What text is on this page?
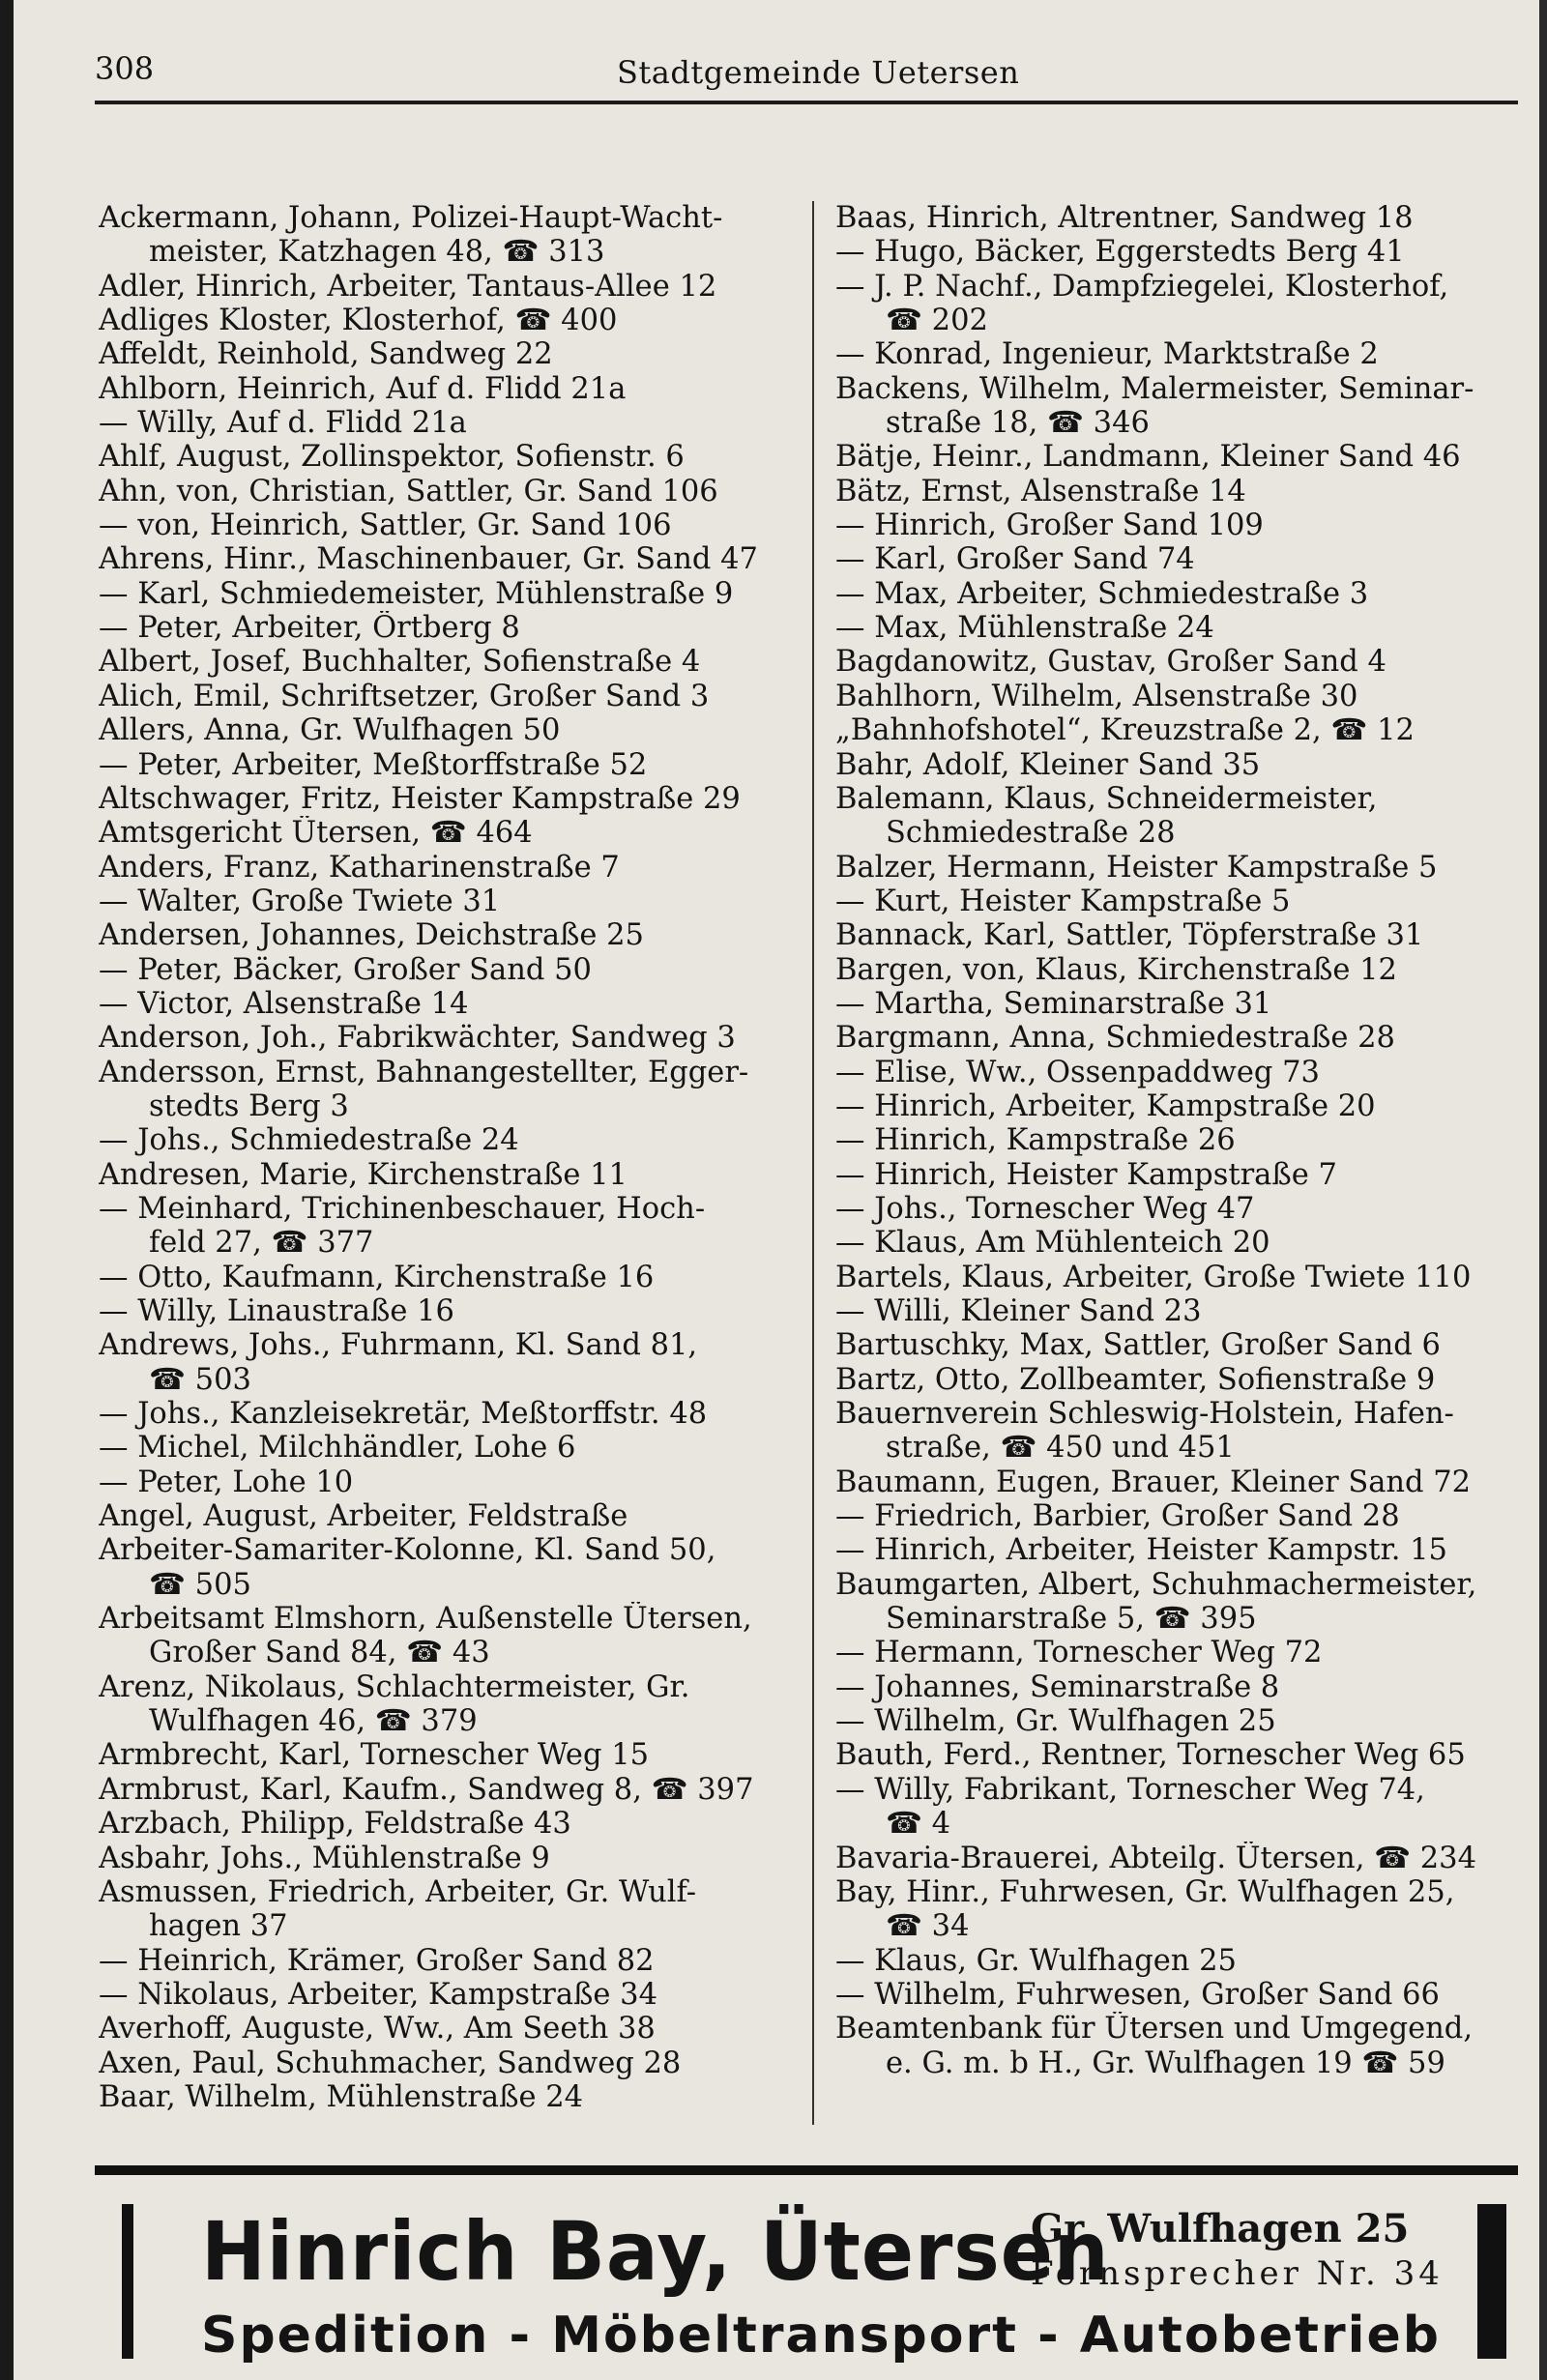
308	Stadtgemeinde Uetersen
Ackermann, Johann, Polizei-Haupt-Wacht-
meister, Katzhagen 48, ☎ 313
Adler, Hinrich, Arbeiter, Tantaus-Allee 12
Adliges Kloster, Klosterhof, ☎ 400
Affeldt, Reinhold, Sandweg 22
Ahlborn, Heinrich, Auf d. Flidd 21a
— Willy, Auf d. Flidd 21a
Ahlf, August, Zollinspektor, Sofienstr. 6
Ahn, von, Christian, Sattler, Gr. Sand 106
— von, Heinrich, Sattler, Gr. Sand 106
Ahrens, Hinr., Maschinenbauer, Gr. Sand 47
— Karl, Schmiedemeister, Mühlenstraße 9
— Peter, Arbeiter, Örtberg 8
Albert, Josef, Buchhalter, Sofienstraße 4
Alich, Emil, Schriftsetzer, Großer Sand 3
Allers, Anna, Gr. Wulfhagen 50
— Peter, Arbeiter, Meßtorffstraße 52
Altschwager, Fritz, Heister Kampstraße 29
Amtsgericht Ütersen, ☎ 464
Anders, Franz, Katharinenstraße 7
— Walter, Große Twiete 31
Andersen, Johannes, Deichstraße 25
— Peter, Bäcker, Großer Sand 50
— Victor, Alsenstraße 14
Anderson, Joh., Fabrikwächter, Sandweg 3
Andersson, Ernst, Bahnangestellter, Egger-
stedts Berg 3
— Johs., Schmiedestraße 24
Andresen, Marie, Kirchenstraße 11
— Meinhard, Trichinenbeschauer, Hoch-
feld 27, ☎ 377
— Otto, Kaufmann, Kirchenstraße 16
— Willy, Linaustraße 16
Andrews, Johs., Fuhrmann, Kl. Sand 81,
☎ 503
— Johs., Kanzleisekretär, Meßtorffstr. 48
— Michel, Milchhändler, Lohe 6
— Peter, Lohe 10
Angel, August, Arbeiter, Feldstraße
Arbeiter-Samariter-Kolonne, Kl. Sand 50,
☎ 505
Arbeitsamt Elmshorn, Außenstelle Ütersen,
Großer Sand 84, ☎ 43
Arenz, Nikolaus, Schlachtermeister, Gr.
Wulfhagen 46, ☎ 379
Armbrecht, Karl, Tornescher Weg 15
Armbrust, Karl, Kaufm., Sandweg 8, ☎ 397
Arzbach, Philipp, Feldstraße 43
Asbahr, Johs., Mühlenstraße 9
Asmussen, Friedrich, Arbeiter, Gr. Wulf-
hagen 37
— Heinrich, Krämer, Großer Sand 82
— Nikolaus, Arbeiter, Kampstraße 34
Averhoff, Auguste, Ww., Am Seeth 38
Axen, Paul, Schuhmacher, Sandweg 28
Baar, Wilhelm, Mühlenstraße 24
Baas, Hinrich, Altrentner, Sandweg 18
— Hugo, Bäcker, Eggerstedts Berg 41
— J. P. Nachf., Dampfziegelei, Klosterhof,
☎ 202
— Konrad, Ingenieur, Marktstraße 2
Backens, Wilhelm, Malermeister, Seminar-
straße 18, ☎ 346
Bätje, Heinr., Landmann, Kleiner Sand 46
Bätz, Ernst, Alsenstraße 14
— Hinrich, Großer Sand 109
— Karl, Großer Sand 74
— Max, Arbeiter, Schmiedestraße 3
— Max, Mühlenstraße 24
Bagdanowitz, Gustav, Großer Sand 4
Bahlhorn, Wilhelm, Alsenstraße 30
„Bahnhofshotel“, Kreuzstraße 2, ☎ 12
Bahr, Adolf, Kleiner Sand 35
Balemann, Klaus, Schneidermeister,
Schmiedestraße 28
Balzer, Hermann, Heister Kampstraße 5
— Kurt, Heister Kampstraße 5
Bannack, Karl, Sattler, Töpferstraße 31
Bargen, von, Klaus, Kirchenstraße 12
— Martha, Seminarstraße 31
Bargmann, Anna, Schmiedestraße 28
— Elise, Ww., Ossenpaddweg 73
— Hinrich, Arbeiter, Kampstraße 20
— Hinrich, Kampstraße 26
— Hinrich, Heister Kampstraße 7
— Johs., Tornescher Weg 47
— Klaus, Am Mühlenteich 20
Bartels, Klaus, Arbeiter, Große Twiete 110
— Willi, Kleiner Sand 23
Bartuschky, Max, Sattler, Großer Sand 6
Bartz, Otto, Zollbeamter, Sofienstraße 9
Bauernverein Schleswig-Holstein, Hafen-
straße, ☎ 450 und 451
Baumann, Eugen, Brauer, Kleiner Sand 72
— Friedrich, Barbier, Großer Sand 28
— Hinrich, Arbeiter, Heister Kampstr. 15
Baumgarten, Albert, Schuhmachermeister,
Seminarstraße 5, ☎ 395
— Hermann, Tornescher Weg 72
— Johannes, Seminarstraße 8
— Wilhelm, Gr. Wulfhagen 25
Bauth, Ferd., Rentner, Tornescher Weg 65
— Willy, Fabrikant, Tornescher Weg 74,
☎ 4
Bavaria-Brauerei, Abteilg. Ütersen, ☎ 234
Bay, Hinr., Fuhrwesen, Gr. Wulfhagen 25,
☎ 34
— Klaus, Gr. Wulfhagen 25
— Wilhelm, Fuhrwesen, Großer Sand 66
Beamtenbank für Ütersen und Umgegend,
e. G. m. b H., Gr. Wulfhagen 19 ☎ 59
Hinrich Bay, Ütersen
Gr. Wulfhagen 25
Fernsprecher Nr. 34
Spedition - Möbeltransport - Autobetrieb
